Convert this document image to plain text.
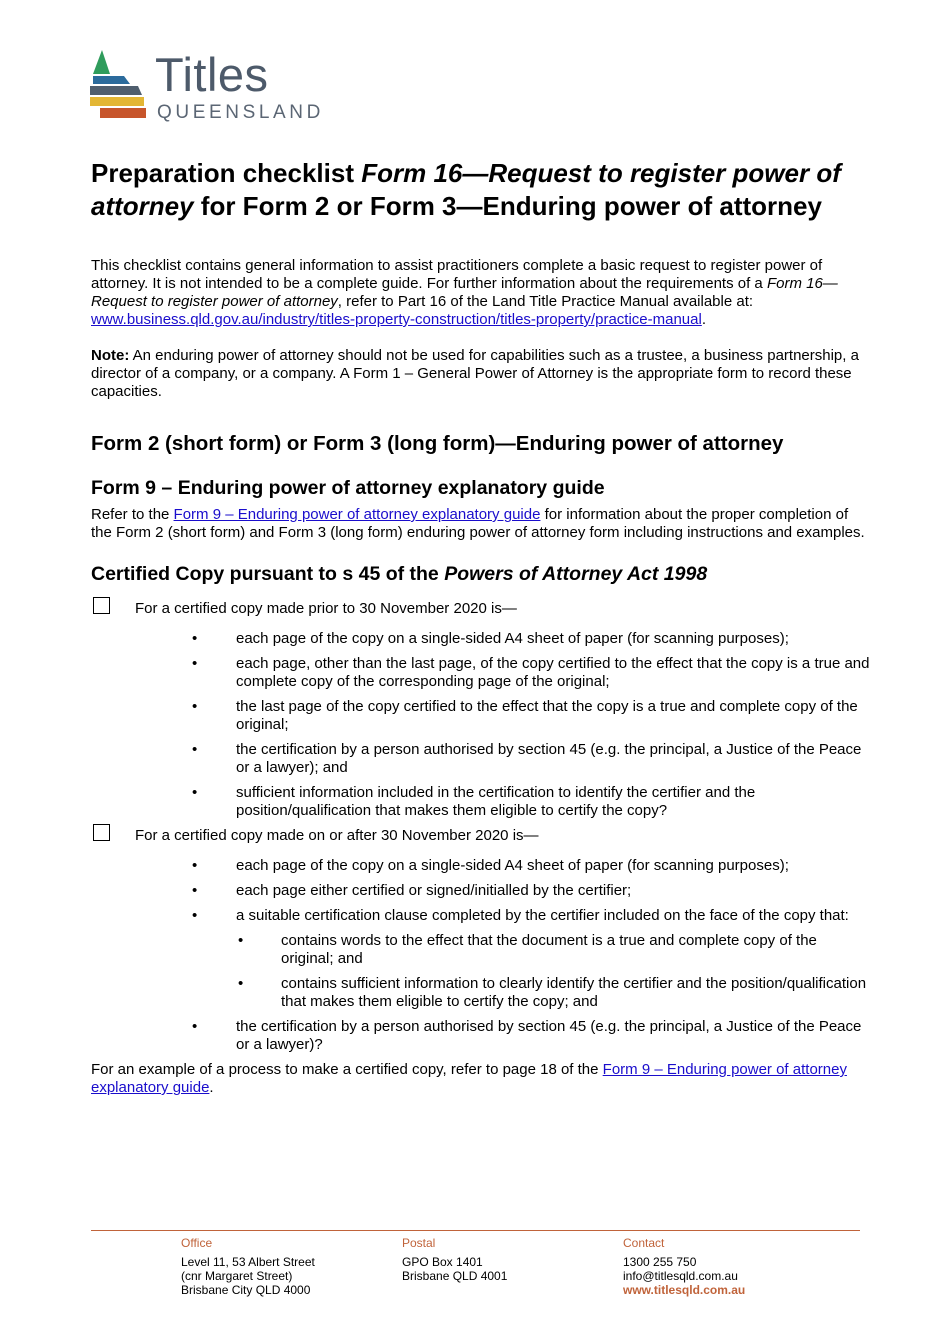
Titles
QUEENSLAND
Preparation checklist Form 16—Request to register power of attorney for Form 2 or Form 3—Enduring power of attorney

This checklist contains general information to assist practitioners complete a basic request to register power of attorney. It is not intended to be a complete guide. For further information about the requirements of a Form 16—Request to register power of attorney, refer to Part 16 of the Land Title Practice Manual available at: www.business.qld.gov.au/industry/titles-property-construction/titles-property/practice-manual.

Note: An enduring power of attorney should not be used for capabilities such as a trustee, a business partnership, a director of a company, or a company. A Form 1 – General Power of Attorney is the appropriate form to record these capacities.

Form 2 (short form) or Form 3 (long form)—Enduring power of attorney
Form 9 – Enduring power of attorney explanatory guide

Refer to the Form 9 – Enduring power of attorney explanatory guide for information about the proper completion of the Form 2 (short form) and Form 3 (long form) enduring power of attorney form including instructions and examples.

Certified Copy pursuant to s 45 of the Powers of Attorney Act 1998

For a certified copy made prior to 30 November 2020 is—

•	each page of the copy on a single-sided A4 sheet of paper (for scanning purposes);
•	each page, other than the last page, of the copy certified to the effect that the copy is a true and complete copy of the corresponding page of the original;
•	the last page of the copy certified to the effect that the copy is a true and complete copy of the original;
•	the certification by a person authorised by section 45 (e.g. the principal, a Justice of the Peace or a lawyer); and
•	sufficient information included in the certification to identify the certifier and the position/qualification that makes them eligible to certify the copy?

For a certified copy made on or after 30 November 2020 is—

•	each page of the copy on a single-sided A4 sheet of paper (for scanning purposes);
•	each page either certified or signed/initialled by the certifier;
•	a suitable certification clause completed by the certifier included on the face of the copy that:
•	contains words to the effect that the document is a true and complete copy of the original; and
•	contains sufficient information to clearly identify the certifier and the position/qualification that makes them eligible to certify the copy; and
•	the certification by a person authorised by section 45 (e.g. the principal, a Justice of the Peace or a lawyer)?

For an example of a process to make a certified copy, refer to page 18 of the Form 9 – Enduring power of attorney explanatory guide.

Office
Level 11, 53 Albert Street
(cnr Margaret Street)
Brisbane City QLD 4000
Postal
GPO Box 1401
Brisbane QLD 4001
Contact
1300 255 750
info@titlesqld.com.au
www.titlesqld.com.au
